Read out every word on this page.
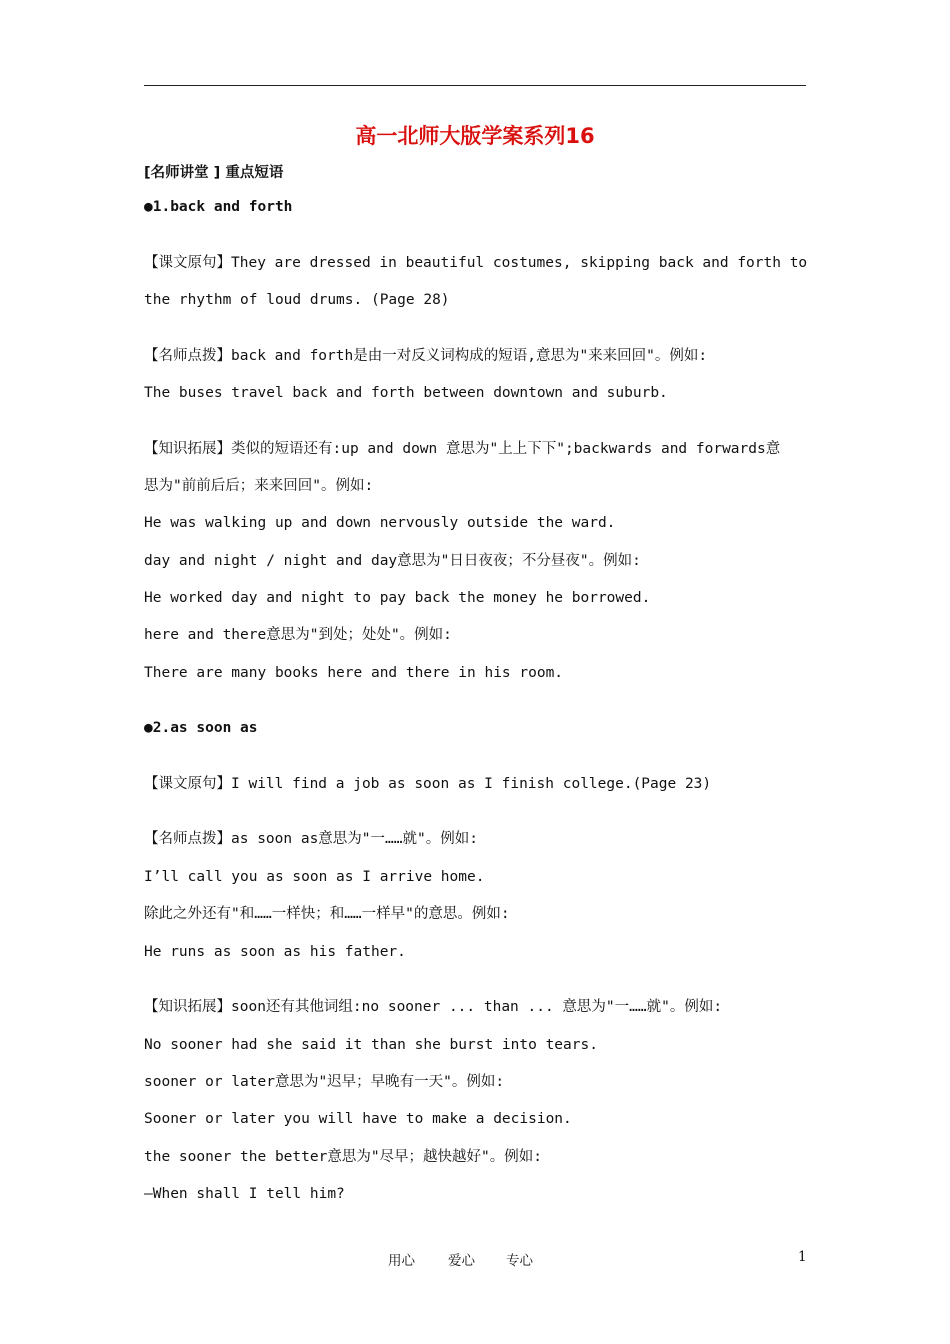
高一北师大版学案系列16
[名师讲堂 ] 重点短语
●1.back and forth
【课文原句】They are dressed in beautiful costumes, skipping back and forth to
the rhythm of loud drums. (Page 28)
【名师点拨】back and forth是由一对反义词构成的短语,意思为"来来回回"。例如:
The buses travel back and forth between downtown and suburb.
【知识拓展】类似的短语还有:up and down 意思为"上上下下";backwards and forwards意
思为"前前后后；来来回回"。例如:
He was walking up and down nervously outside the ward.
day and night / night and day意思为"日日夜夜；不分昼夜"。例如:
He worked day and night to pay back the money he borrowed.
here and there意思为"到处；处处"。例如:
There are many books here and there in his room.
●2.as soon as
【课文原句】I will find a job as soon as I finish college.(Page 23)
【名师点拨】as soon as意思为"一……就"。例如:
I’ll call you as soon as I arrive home.
除此之外还有"和……一样快；和……一样早"的意思。例如:
He runs as soon as his father.
【知识拓展】soon还有其他词组:no sooner ... than ... 意思为"一……就"。例如:
No sooner had she said it than she burst into tears.
sooner or later意思为"迟早；早晚有一天"。例如:
Sooner or later you will have to make a decision.
the sooner the better意思为"尽早；越快越好"。例如:
—When shall I tell him?
用心 爱心 专心	1
